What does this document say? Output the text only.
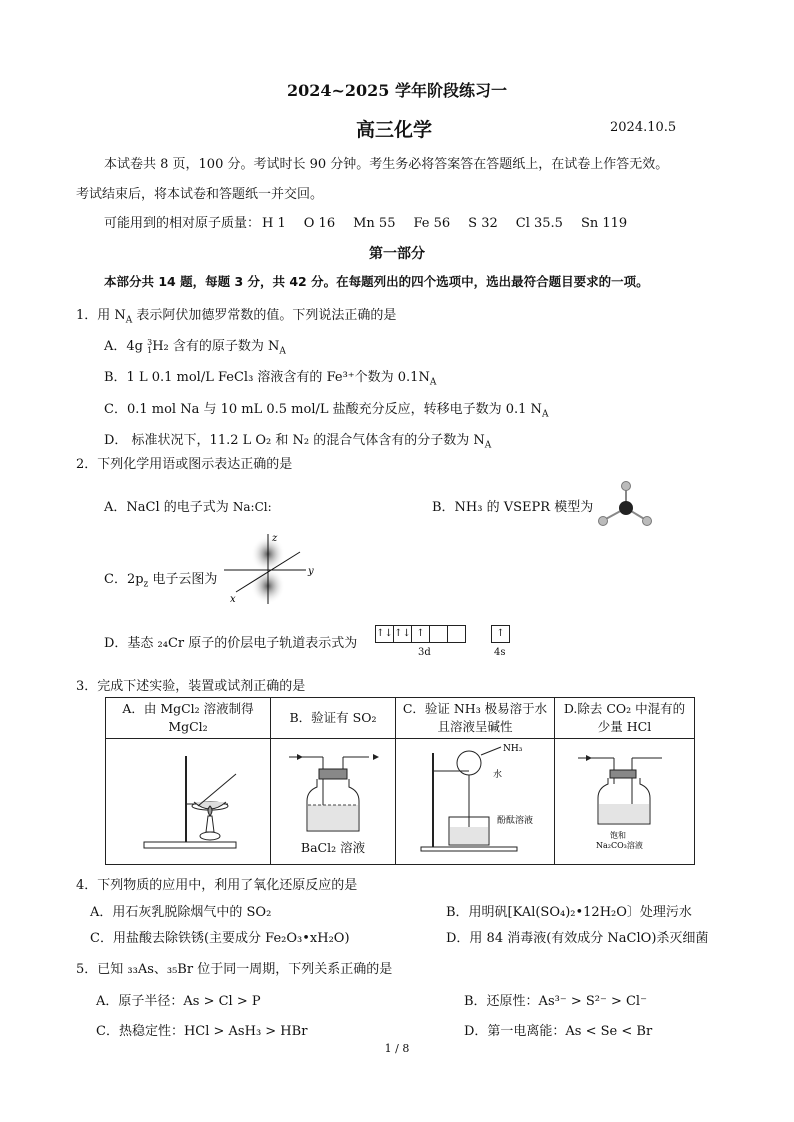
2024~2025 学年阶段练习一
高三化学	2024.10.5
本试卷共 8 页，100 分。考试时长 90 分钟。考生务必将答案答在答题纸上，在试卷上作答无效。
考试结束后，将本试卷和答题纸一并交回。
可能用到的相对原子质量： H 1 O 16 Mn 55 Fe 56 S 32 Cl 35.5 Sn 119
第一部分
本部分共 14 题，每题 3 分，共 42 分。在每题列出的四个选项中，选出最符合题目要求的一项。
1．用 $N_A$ 表示阿伏加德罗常数的值。下列说法正确的是
A．4g 3
1H₂ 含有的原子数为 $N_A$
B．1 L 0.1 mol/L FeCl₃ 溶液含有的 Fe³⁺个数为 $0.1N_A$
C．0.1 mol Na 与 10 mL 0.5 mol/L 盐酸充分反应，转移电子数为 0.1 $N_A$
D． 标准状况下，11.2 L O₂ 和 N₂ 的混合气体含有的分子数为 $N_A$
2．下列化学用语或图示表达正确的是
A．NaCl 的电子式为 Na:Cl:	B．NH₃ 的 VSEPR 模型为
C．$2p_z$ 电子云图为
z
y
x
D．基态 ₂₄Cr 原子的价层电子轨道表示式为
↑↓↑↓ ↑	↑
3d	4s
3．完成下述实验，装置或试剂正确的是
A．由 MgCl₂ 溶液制得 MgCl₂	B．验证有 SO₂	C．验证 NH₃ 极易溶于水且溶液呈碱性	D.除去 CO₂ 中混有的少量 HCl

BaCl₂ 溶液	NH₃
水
酚酞溶液	饱和
Na₂CO₃溶液
4．下列物质的应用中，利用了氧化还原反应的是
A．用石灰乳脱除烟气中的 SO₂	B．用明矾[KAl(SO₄)₂•12H₂O〕处理污水
C．用盐酸去除铁锈(主要成分 Fe₂O₃•xH₂O)	D．用 84 消毒液(有效成分 NaClO)杀灭细菌
5．已知 ₃₃As、₃₅Br 位于同一周期，下列关系正确的是
A．原子半径：As > Cl > P	B．还原性：As³⁻ > S²⁻ > Cl⁻
C．热稳定性：HCl > AsH₃ > HBr	D．第一电离能：As < Se < Br
1 / 8
